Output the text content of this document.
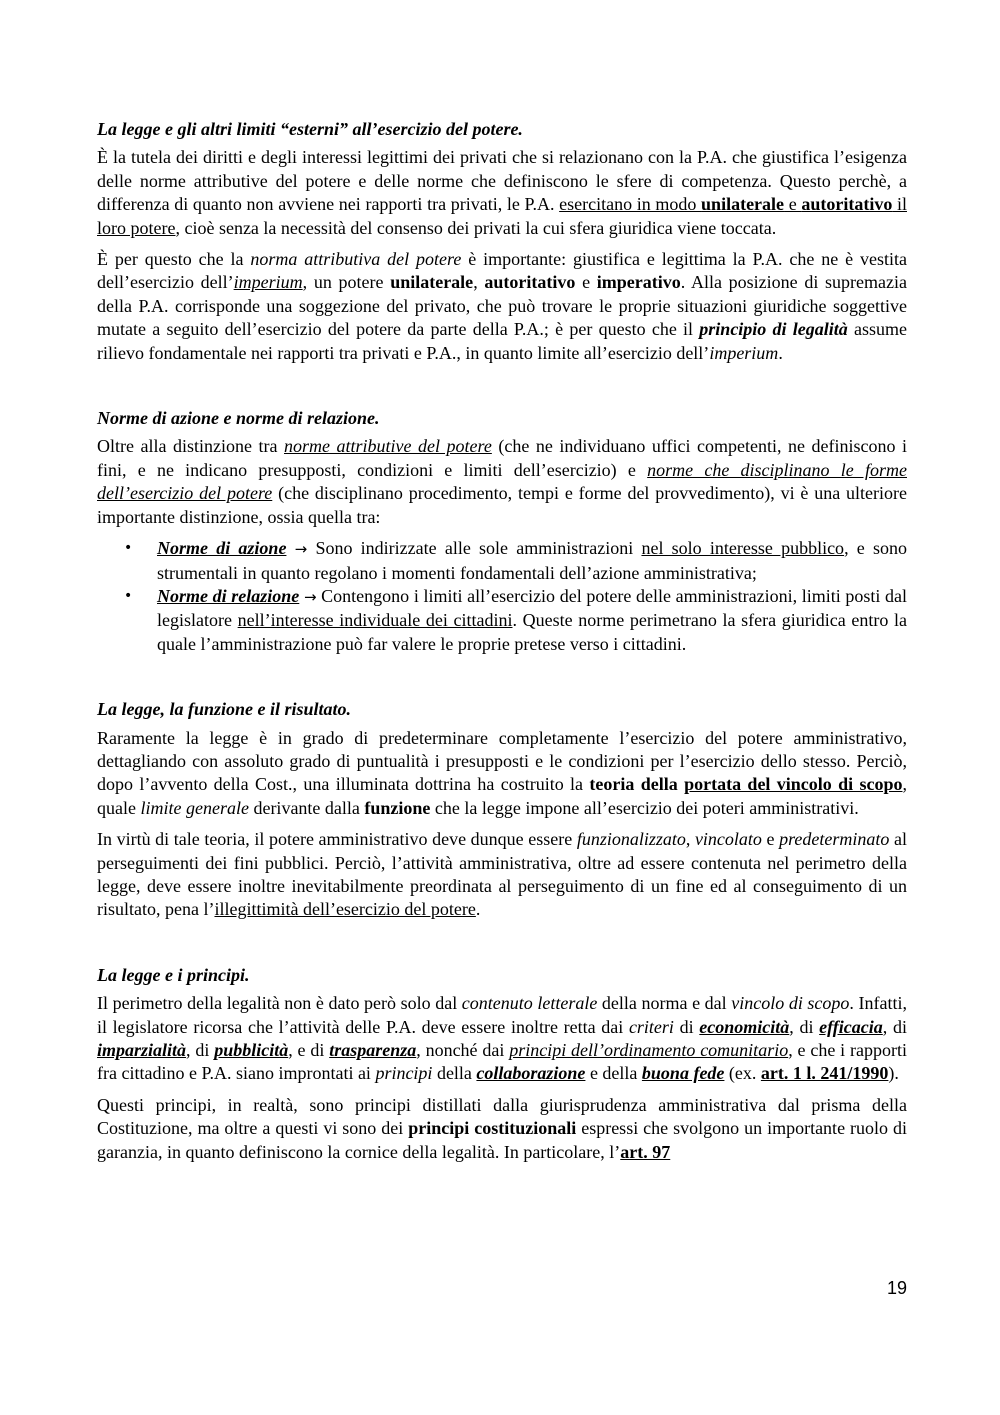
La legge e gli altri limiti “esterni” all’esercizio del potere.

È la tutela dei diritti e degli interessi legittimi dei privati che si relazionano con la P.A. che giustifica l’esigenza delle norme attributive del potere e delle norme che definiscono le sfere di competenza. Questo perchè, a differenza di quanto non avviene nei rapporti tra privati, le P.A. esercitano in modo unilaterale e autoritativo il loro potere, cioè senza la necessità del consenso dei privati la cui sfera giuridica viene toccata.

È per questo che la norma attributiva del potere è importante: giustifica e legittima la P.A. che ne è vestita dell’esercizio dell’imperium, un potere unilaterale, autoritativo e imperativo. Alla posizione di supremazia della P.A. corrisponde una soggezione del privato, che può trovare le proprie situazioni giuridiche soggettive mutate a seguito dell’esercizio del potere da parte della P.A.; è per questo che il principio di legalità assume rilievo fondamentale nei rapporti tra privati e P.A., in quanto limite all’esercizio dell’imperium.

Norme di azione e norme di relazione.

Oltre alla distinzione tra norme attributive del potere (che ne individuano uffici competenti, ne definiscono i fini, e ne indicano presupposti, condizioni e limiti dell’esercizio) e norme che disciplinano le forme dell’esercizio del potere (che disciplinano procedimento, tempi e forme del provvedimento), vi è una ulteriore importante distinzione, ossia quella tra:

• Norme di azione → Sono indirizzate alle sole amministrazioni nel solo interesse pubblico, e sono strumentali in quanto regolano i momenti fondamentali dell’azione amministrativa;
• Norme di relazione → Contengono i limiti all’esercizio del potere delle amministrazioni, limiti posti dal legislatore nell’interesse individuale dei cittadini. Queste norme perimetrano la sfera giuridica entro la quale l’amministrazione può far valere le proprie pretese verso i cittadini.
La legge, la funzione e il risultato.

Raramente la legge è in grado di predeterminare completamente l’esercizio del potere amministrativo, dettagliando con assoluto grado di puntualità i presupposti e le condizioni per l’esercizio dello stesso. Perciò, dopo l’avvento della Cost., una illuminata dottrina ha costruito la teoria della portata del vincolo di scopo, quale limite generale derivante dalla funzione che la legge impone all’esercizio dei poteri amministrativi.

In virtù di tale teoria, il potere amministrativo deve dunque essere funzionalizzato, vincolato e predeterminato al perseguimenti dei fini pubblici. Perciò, l’attività amministrativa, oltre ad essere contenuta nel perimetro della legge, deve essere inoltre inevitabilmente preordinata al perseguimento di un fine ed al conseguimento di un risultato, pena l’illegittimità dell’esercizio del potere.

La legge e i principi.

Il perimetro della legalità non è dato però solo dal contenuto letterale della norma e dal vincolo di scopo. Infatti, il legislatore ricorsa che l’attività delle P.A. deve essere inoltre retta dai criteri di economicità, di efficacia, di imparzialità, di pubblicità, e di trasparenza, nonché dai principi dell’ordinamento comunitario, e che i rapporti fra cittadino e P.A. siano improntati ai principi della collaborazione e della buona fede (ex. art. 1 l. 241/1990).

Questi principi, in realtà, sono principi distillati dalla giurisprudenza amministrativa dal prisma della Costituzione, ma oltre a questi vi sono dei principi costituzionali espressi che svolgono un importante ruolo di garanzia, in quanto definiscono la cornice della legalità. In particolare, l’art. 97

19
